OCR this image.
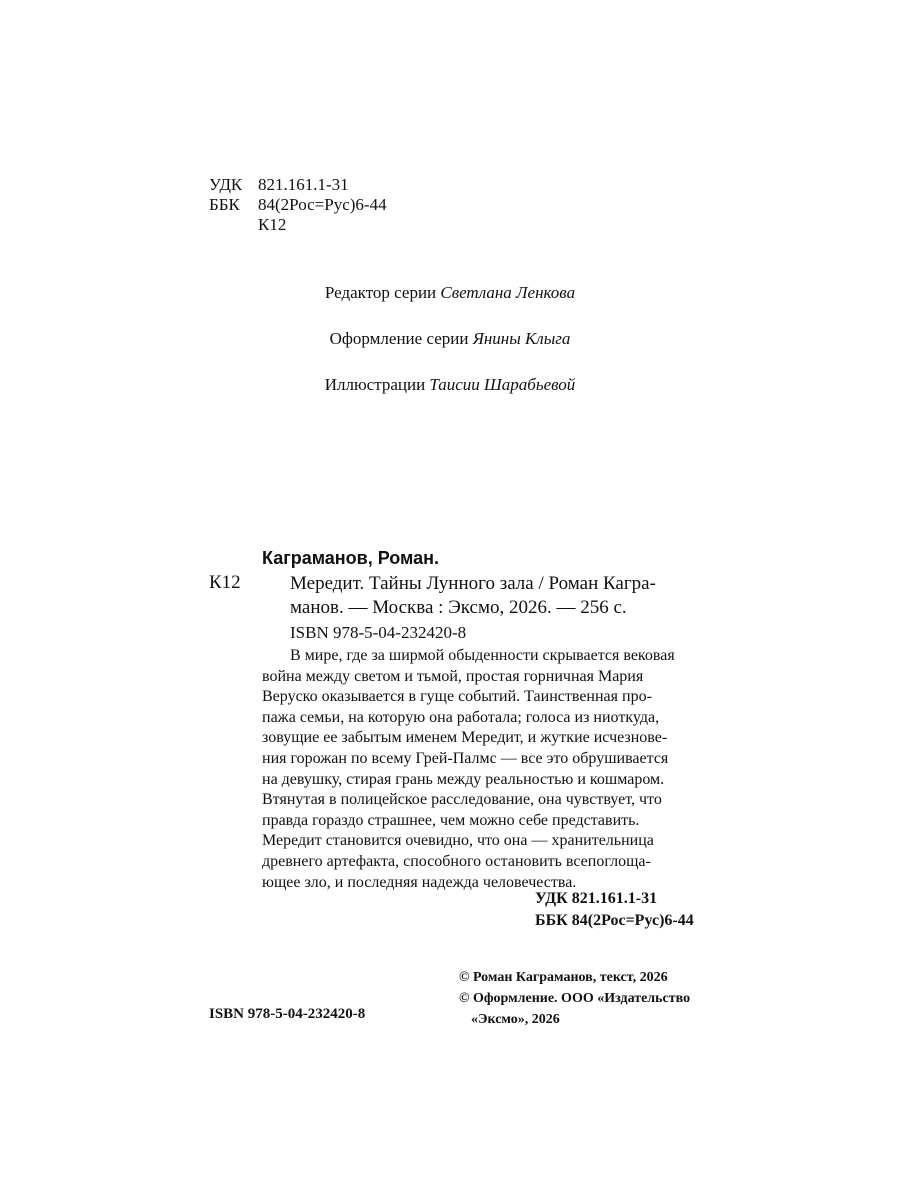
УДК 821.161.1-31
ББК	84(2Рос=Рус)6-44
К12
Редактор серии Светлана Ленкова
Оформление серии Янины Клыга
Иллюстрации Таисии Шарабьевой
Каграманов, Роман.
К12	Мередит. Тайны Лунного зала / Роман Кагра-
манов. — Москва : Эксмо, 2026. — 256 с.
ISBN 978-5-04-232420-8

В мире, где за ширмой обыденности скрывается вековая

война между светом и тьмой, простая горничная Мария

Веруско оказывается в гуще событий. Таинственная про-

пажа семьи, на которую она работала; голоса из ниоткуда,

зовущие ее забытым именем Мередит, и жуткие исчезнове-

ния горожан по всему Грей-Палмс — все это обрушивается

на девушку, стирая грань между реальностью и кошмаром.

Втянутая в полицейское расследование, она чувствует, что

правда гораздо страшнее, чем можно себе представить.

Мередит становится очевидно, что она — хранительница

древнего артефакта, способного остановить всепоглоща-

ющее зло, и последняя надежда человечества.

УДК 821.161.1-31
ББК 84(2Рос=Рус)6-44
© Роман Каграманов, текст, 2026
© Оформление. ООО «Издательство
«Эксмо», 2026
ISBN 978-5-04-232420-8
